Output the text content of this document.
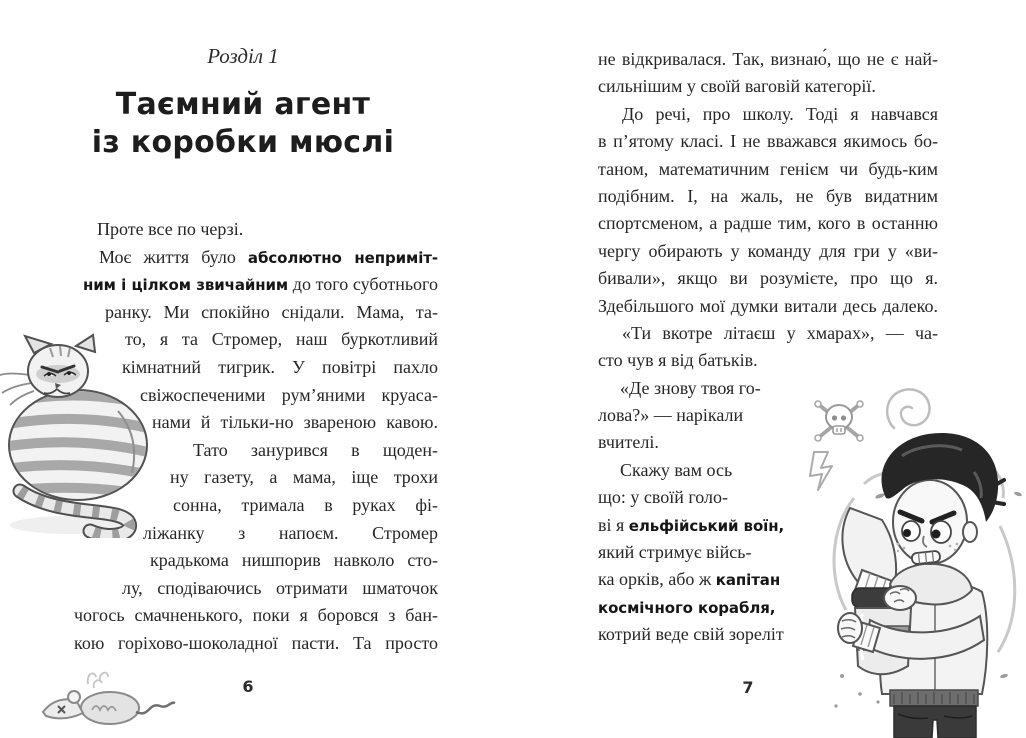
Розділ 1
Таємний агент
із коробки мюслі
Проте все по черзі.
Моє життя було абсолютно непримiт-
ним і цілком звичайним до того суботнього
ранку. Ми спокійно снідали. Мама, та-
то, я та Стромер, наш буркотливий
кімнатний тигрик. У повітрі пахло
свіжоспеченими рум’яними круаса-
нами й тільки-но звареною кавою.
Тато занурився в щоден-
ну газету, а мама, іще трохи
сонна, тримала в руках фі-
ліжанку з напоєм. Стромер
крадькома нишпорив навколо сто-
лу, сподіваючись отримати шматочок
чогось смачненького, поки я боровся з бан-
кою горіхово-шоколадної пасти. Та просто
6
не відкривалася. Так, визнаю́, що не є най-
сильнішим у своїй ваговій категорії.
До речі, про школу. Тоді я навчався
в п’ятому класі. І не вважався якимось бо-
таном, математичним генієм чи будь-ким
подібним. І, на жаль, не був видатним
спортсменом, а радше тим, кого в останню
чергу обирають у команду для гри у «ви-
бивали», якщо ви розумієте, про що я.
Здебільшого мої думки витали десь далеко.
«Ти вкотре літаєш у хмарах», — ча-
сто чув я від батьків.
«Де знову твоя го-
лова?» — нарікали
вчителі.
Скажу вам ось
що: у своїй голо-
ві я ельфійський воїн,
який стримує війсь-
ка орків, або ж капітан
космічного корабля,
котрий веде свій зореліт
7
